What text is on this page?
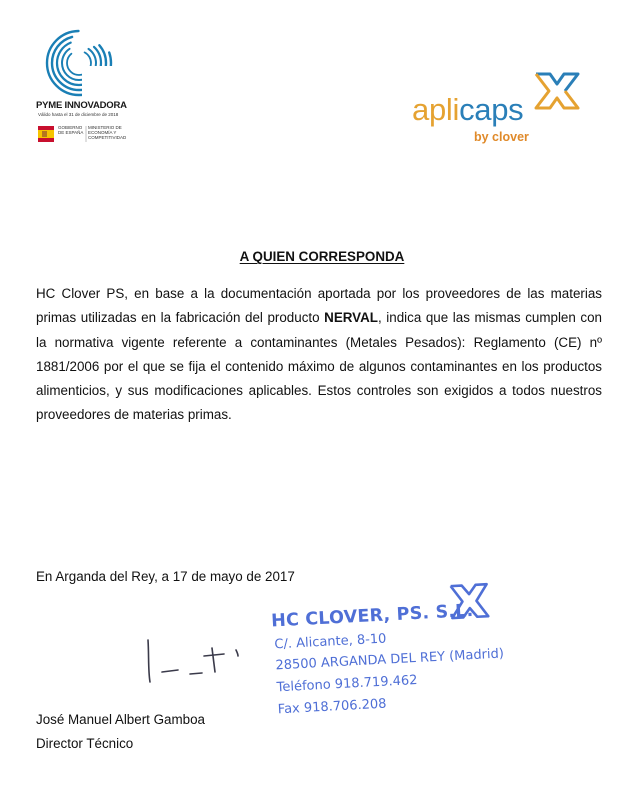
PYME INNOVADORA
Válido hasta el 31 de diciembre de 2018
GOBIERNO DE ESPAÑA
MINISTERIO DE ECONOMÍA Y COMPETITIVIDAD
aplicaps
by clover
A QUIEN CORRESPONDA
HC Clover PS, en base a la documentación aportada por los proveedores de las materias primas utilizadas en la fabricación del producto NERVAL, indica que las mismas cumplen con la normativa vigente referente a contaminantes (Metales Pesados): Reglamento (CE) nº 1881/2006 por el que se fija el contenido máximo de algunos contaminantes en los productos alimenticios, y sus modificaciones aplicables. Estos controles son exigidos a todos nuestros proveedores de materias primas.
En Arganda del Rey, a 17 de mayo de 2017
HC CLOVER, PS. S.L.
C/. Alicante, 8-10
28500 ARGANDA DEL REY (Madrid)
Teléfono 918.719.462
Fax 918.706.208
José Manuel Albert Gamboa
Director Técnico
